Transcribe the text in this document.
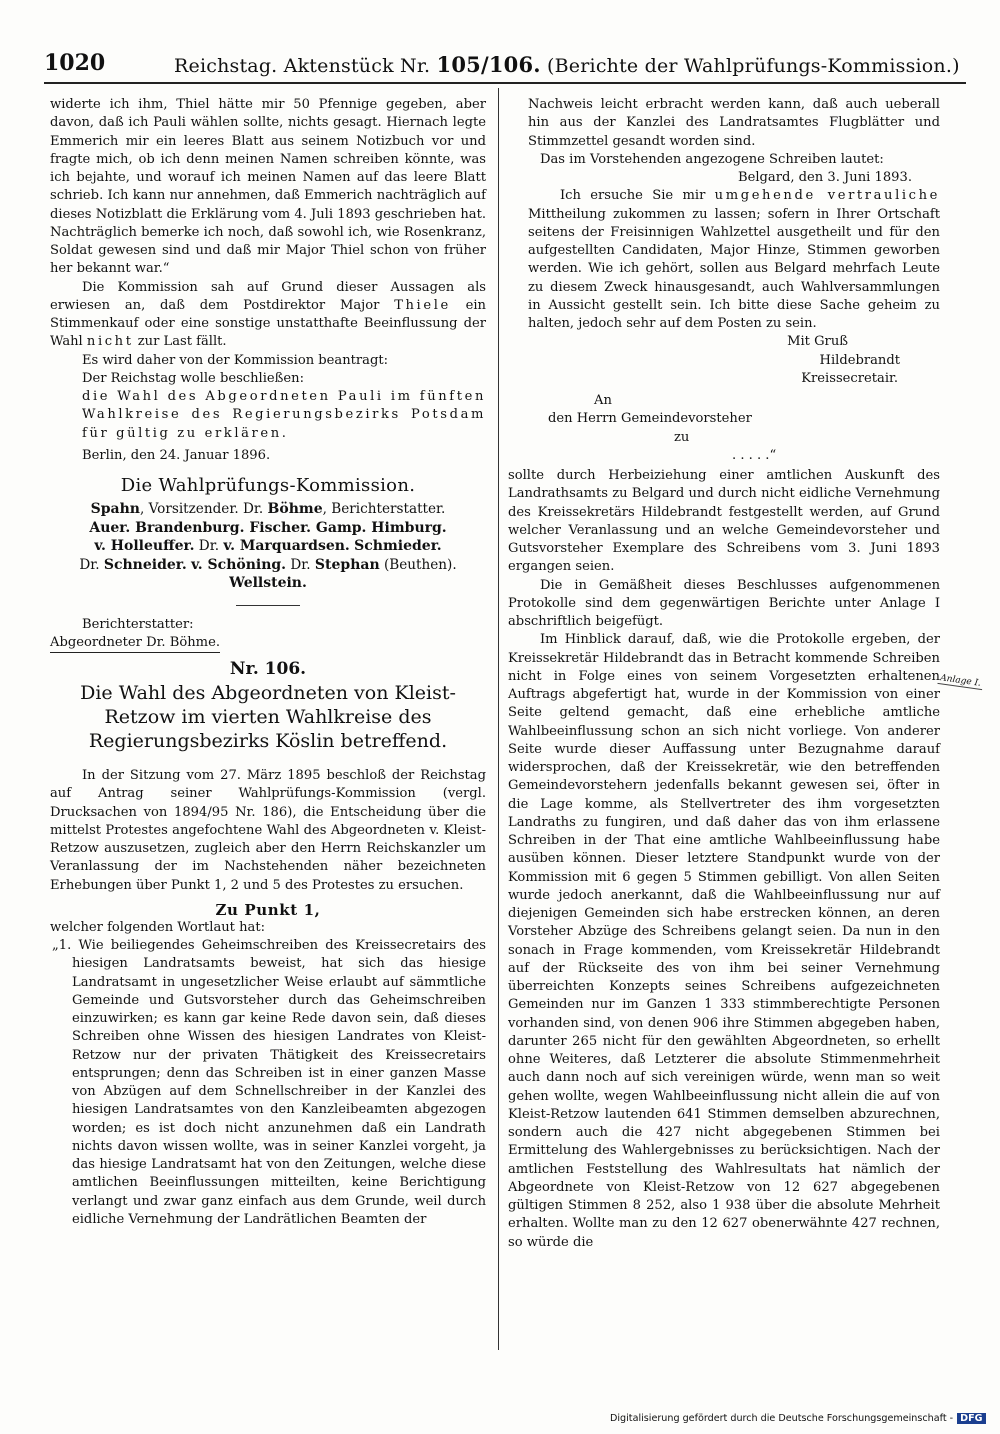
1020	Reichstag. Aktenstück Nr. 105/106. (Berichte der Wahlprüfungs-Kommission.)

widerte ich ihm, Thiel hätte mir 50 Pfennige gegeben, aber davon, daß ich Pauli wählen sollte, nichts gesagt. Hiernach legte Emmerich mir ein leeres Blatt aus seinem Notizbuch vor und fragte mich, ob ich denn meinen Namen schreiben könnte, was ich bejahte, und worauf ich meinen Namen auf das leere Blatt schrieb. Ich kann nur annehmen, daß Emmerich nachträglich auf dieses Notizblatt die Erklärung vom 4. Juli 1893 geschrieben hat. Nachträglich bemerke ich noch, daß sowohl ich, wie Rosenkranz, Soldat gewesen sind und daß mir Major Thiel schon von früher her bekannt war.“

Die Kommission sah auf Grund dieser Aussagen als erwiesen an, daß dem Postdirektor Major Thiele ein Stimmenkauf oder eine sonstige unstatthafte Beeinflussung der Wahl nicht zur Last fällt.

Es wird daher von der Kommission beantragt:

Der Reichstag wolle beschließen:

die Wahl des Abgeordneten Pauli im fünften Wahlkreise des Regierungsbezirks Potsdam für gültig zu erklären.

Berlin, den 24. Januar 1896.

Die Wahlprüfungs-Kommission.
Spahn, Vorsitzender. Dr. Böhme, Berichterstatter.
Auer. Brandenburg. Fischer. Gamp. Himburg.
v. Holleuffer. Dr. v. Marquardsen. Schmieder.
Dr. Schneider. v. Schöning. Dr. Stephan (Beuthen).
Wellstein.

Berichterstatter:

Abgeordneter Dr. Böhme.

Nr. 106.
Die Wahl des Abgeordneten von Kleist-Retzow im vierten Wahlkreise des Regierungsbezirks Köslin betreffend.

In der Sitzung vom 27. März 1895 beschloß der Reichstag auf Antrag seiner Wahlprüfungs-Kommission (vergl. Drucksachen von 1894/95 Nr. 186), die Entscheidung über die mittelst Protestes angefochtene Wahl des Abgeordneten v. Kleist-Retzow auszusetzen, zugleich aber den Herrn Reichskanzler um Veranlassung der im Nachstehenden näher bezeichneten Erhebungen über Punkt 1, 2 und 5 des Protestes zu ersuchen.

Zu Punkt 1,

welcher folgenden Wortlaut hat:

„1. Wie beiliegendes Geheimschreiben des Kreissecretairs des hiesigen Landratsamts beweist, hat sich das hiesige Landratsamt in ungesetzlicher Weise erlaubt auf sämmtliche Gemeinde und Gutsvorsteher durch das Geheimschreiben einzuwirken; es kann gar keine Rede davon sein, daß dieses Schreiben ohne Wissen des hiesigen Landrates von Kleist-Retzow nur der privaten Thätigkeit des Kreissecretairs entsprungen; denn das Schreiben ist in einer ganzen Masse von Abzügen auf dem Schnellschreiber in der Kanzlei des hiesigen Landratsamtes von den Kanzleibeamten abgezogen worden; es ist doch nicht anzunehmen daß ein Landrath nichts davon wissen wollte, was in seiner Kanzlei vorgeht, ja das hiesige Landratsamt hat von den Zeitungen, welche diese amtlichen Beeinflussungen mitteilten, keine Berichtigung verlangt und zwar ganz einfach aus dem Grunde, weil durch eidliche Vernehmung der Landrätlichen Beamten der

Nachweis leicht erbracht werden kann, daß auch ueberall hin aus der Kanzlei des Landratsamtes Flugblätter und Stimmzettel gesandt worden sind.

Das im Vorstehenden angezogene Schreiben lautet:

Belgard, den 3. Juni 1893.

Ich ersuche Sie mir umgehende vertrauliche Mittheilung zukommen zu lassen; sofern in Ihrer Ortschaft seitens der Freisinnigen Wahlzettel ausgetheilt und für den aufgestellten Candidaten, Major Hinze, Stimmen geworben werden. Wie ich gehört, sollen aus Belgard mehrfach Leute zu diesem Zweck hinausgesandt, auch Wahlversammlungen in Aussicht gestellt sein. Ich bitte diese Sache geheim zu halten, jedoch sehr auf dem Posten zu sein.

Mit Gruß

Hildebrandt

Kreissecretair.

An

den Herrn Gemeindevorsteher

zu

. . . . .“

sollte durch Herbeiziehung einer amtlichen Auskunft des Landrathsamts zu Belgard und durch nicht eidliche Vernehmung des Kreissekretärs Hildebrandt festgestellt werden, auf Grund welcher Veranlassung und an welche Gemeindevorsteher und Gutsvorsteher Exemplare des Schreibens vom 3. Juni 1893 ergangen seien.

Die in Gemäßheit dieses Beschlusses aufgenommenen Protokolle sind dem gegenwärtigen Berichte unter Anlage I abschriftlich beigefügt.

Im Hinblick darauf, daß, wie die Protokolle ergeben, der Kreissekretär Hildebrandt das in Betracht kommende Schreiben nicht in Folge eines von seinem Vorgesetzten erhaltenen Auftrags abgefertigt hat, wurde in der Kommission von einer Seite geltend gemacht, daß eine erhebliche amtliche Wahlbeeinflussung schon an sich nicht vorliege. Von anderer Seite wurde dieser Auffassung unter Bezugnahme darauf widersprochen, daß der Kreissekretär, wie den betreffenden Gemeindevorstehern jedenfalls bekannt gewesen sei, öfter in die Lage komme, als Stellvertreter des ihm vorgesetzten Landraths zu fungiren, und daß daher das von ihm erlassene Schreiben in der That eine amtliche Wahlbeeinflussung habe ausüben können. Dieser letztere Standpunkt wurde von der Kommission mit 6 gegen 5 Stimmen gebilligt. Von allen Seiten wurde jedoch anerkannt, daß die Wahlbeeinflussung nur auf diejenigen Gemeinden sich habe erstrecken können, an deren Vorsteher Abzüge des Schreibens gelangt seien. Da nun in den sonach in Frage kommenden, vom Kreissekretär Hildebrandt auf der Rückseite des von ihm bei seiner Vernehmung überreichten Konzepts seines Schreibens aufgezeichneten Gemeinden nur im Ganzen 1 333 stimmberechtigte Personen vorhanden sind, von denen 906 ihre Stimmen abgegeben haben, darunter 265 nicht für den gewählten Abgeordneten, so erhellt ohne Weiteres, daß Letzterer die absolute Stimmenmehrheit auch dann noch auf sich vereinigen würde, wenn man so weit gehen wollte, wegen Wahlbeeinflussung nicht allein die auf von Kleist-Retzow lautenden 641 Stimmen demselben abzurechnen, sondern auch die 427 nicht abgegebenen Stimmen bei Ermittelung des Wahlergebnisses zu berücksichtigen. Nach der amtlichen Feststellung des Wahlresultats hat nämlich der Abgeordnete von Kleist-Retzow von 12 627 abgegebenen gültigen Stimmen 8 252, also 1 938 über die absolute Mehrheit erhalten. Wollte man zu den 12 627 obenerwähnte 427 rechnen, so würde die

Anlage I.
Digitalisierung gefördert durch die Deutsche Forschungsgemeinschaft - DFG
